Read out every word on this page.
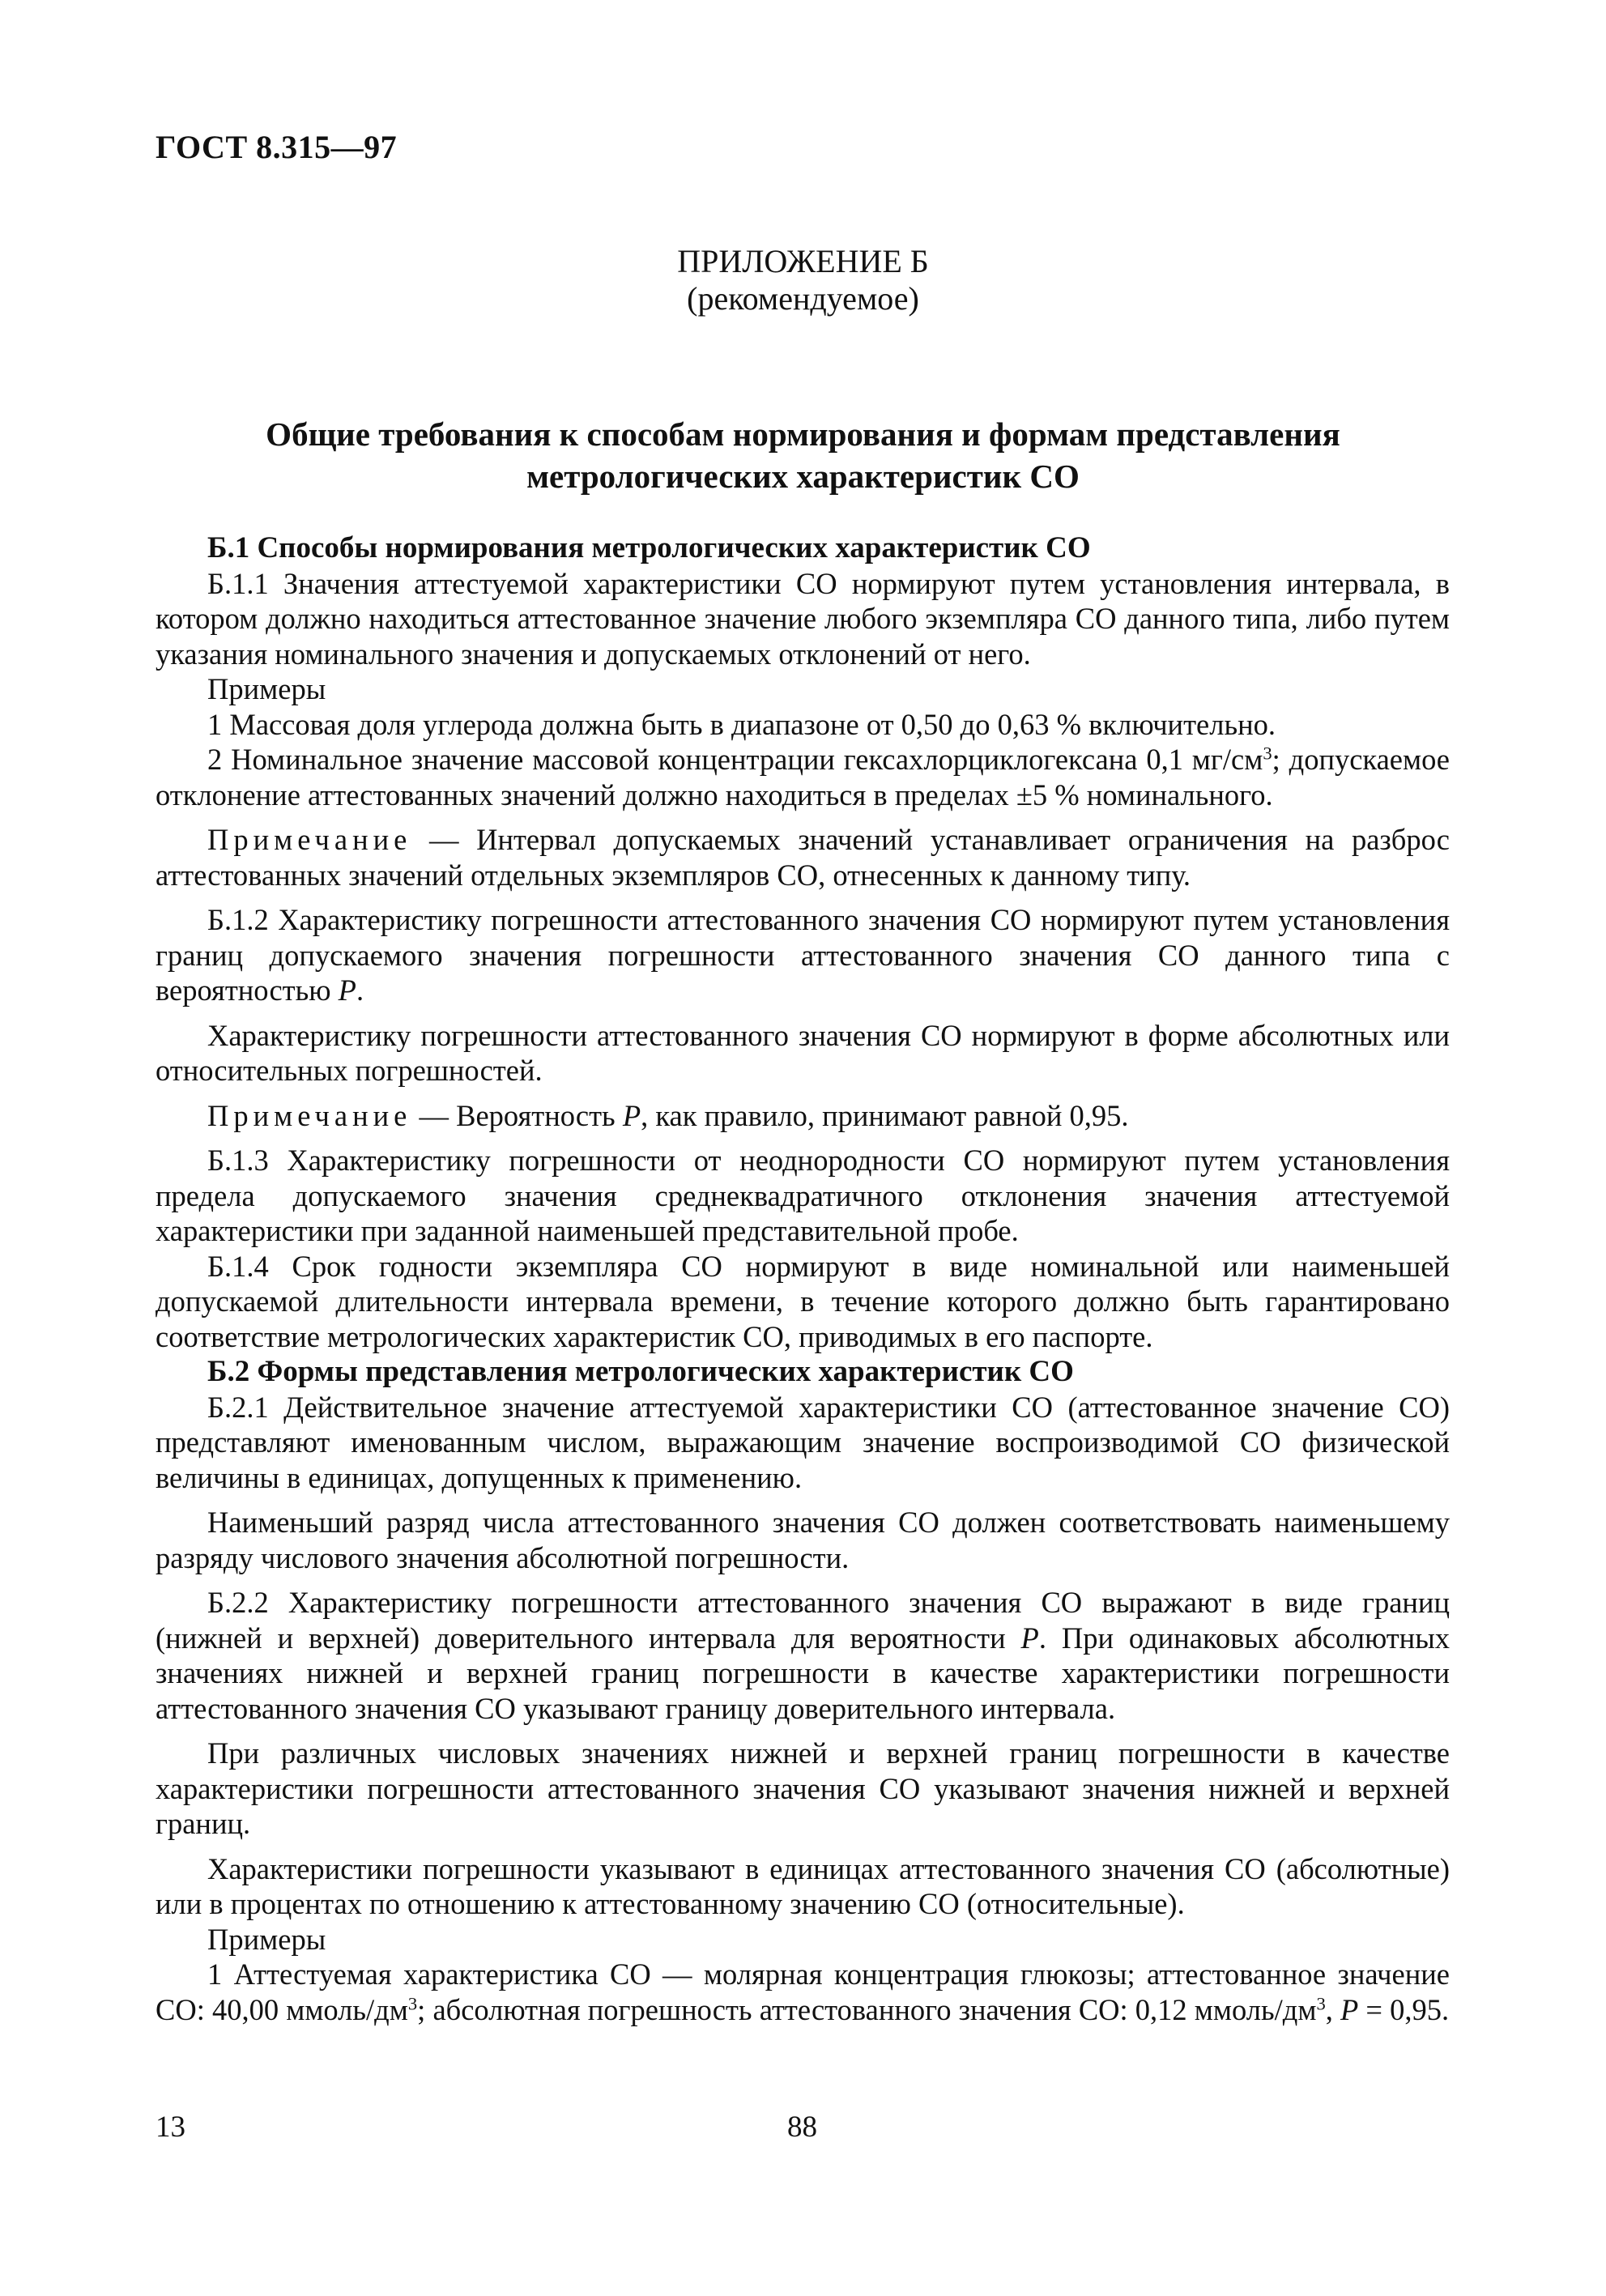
ГОСТ 8.315—97
ПРИЛОЖЕНИЕ Б
(рекомендуемое)
Общие требования к способам нормирования и формам представления
метрологических характеристик СО
Б.1 Способы нормирования метрологических характеристик СО

Б.1.1 Значения аттестуемой характеристики СО нормируют путем установления интервала, в котором должно находиться аттестованное значение любого экземпляра СО данного типа, либо путем указания номинального значения и допускаемых отклонений от него.

Примеры

1 Массовая доля углерода должна быть в диапазоне от 0,50 до 0,63 % включительно.

2 Номинальное значение массовой концентрации гексахлорциклогексана 0,1 $мг/см^3$; допускаемое отклонение аттестованных значений должно находиться в пределах ±5 % номинального.

Примечание — Интервал допускаемых значений устанавливает ограничения на разброс аттестованных значений отдельных экземпляров СО, отнесенных к данному типу.

Б.1.2 Характеристику погрешности аттестованного значения СО нормируют путем установления границ допускаемого значения погрешности аттестованного значения СО данного типа с вероятностью P.

Характеристику погрешности аттестованного значения СО нормируют в форме абсолютных или относительных погрешностей.

Примечание — Вероятность P, как правило, принимают равной 0,95.

Б.1.3 Характеристику погрешности от неоднородности СО нормируют путем установления предела допускаемого значения среднеквадратичного отклонения значения аттестуемой характеристики при заданной наименьшей представительной пробе.

Б.1.4 Срок годности экземпляра СО нормируют в виде номинальной или наименьшей допускаемой длительности интервала времени, в течение которого должно быть гарантировано соответствие метрологических характеристик СО, приводимых в его паспорте.

Б.2 Формы представления метрологических характеристик СО

Б.2.1 Действительное значение аттестуемой характеристики СО (аттестованное значение СО) представляют именованным числом, выражающим значение воспроизводимой СО физической величины в единицах, допущенных к применению.

Наименьший разряд числа аттестованного значения СО должен соответствовать наименьшему разряду числового значения абсолютной погрешности.

Б.2.2 Характеристику погрешности аттестованного значения СО выражают в виде границ (нижней и верхней) доверительного интервала для вероятности P. При одинаковых абсолютных значениях нижней и верхней границ погрешности в качестве характеристики погрешности аттестованного значения СО указывают границу доверительного интервала.

При различных числовых значениях нижней и верхней границ погрешности в качестве характеристики погрешности аттестованного значения СО указывают значения нижней и верхней границ.

Характеристики погрешности указывают в единицах аттестованного значения СО (абсолютные) или в процентах по отношению к аттестованному значению СО (относительные).

Примеры

1 Аттестуемая характеристика СО — молярная концентрация глюкозы; аттестованное значение СО: 40,00 ммоль/$дм^3$; абсолютная погрешность аттестованного значения СО: 0,12 ммоль/$дм^3$, P = 0,95.

13	88
